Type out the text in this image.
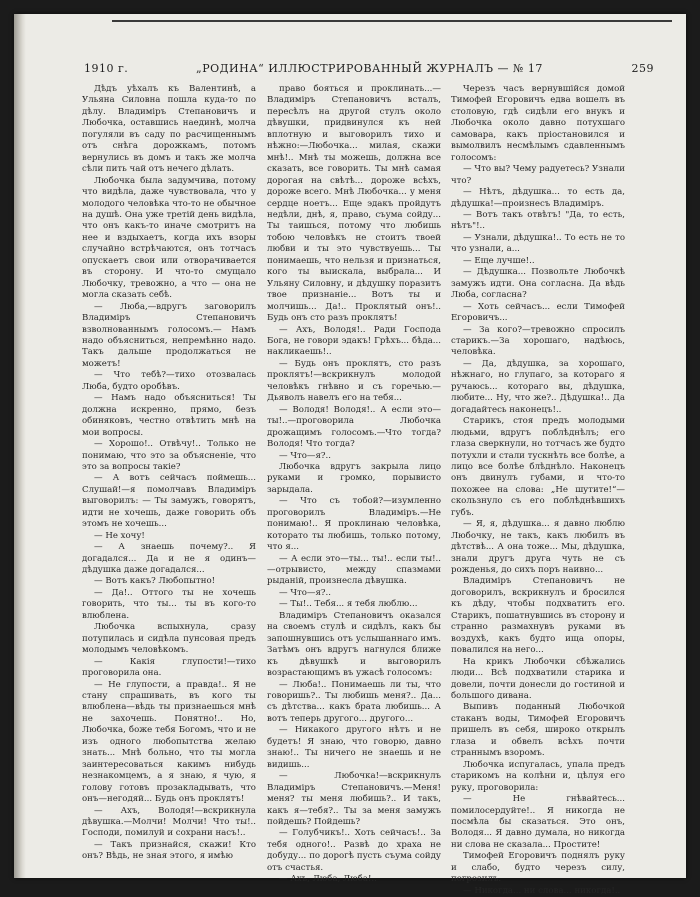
1910 г.	„РОДИНА“ ИЛЛЮСТРИРОВАННЫЙ ЖУРНАЛЪ — № 17	259

Дѣдъ уѣхалъ къ Валентинѣ, а Ульяна Силовна пошла куда-то по дѣлу. Владиміръ Степановичъ и Любочка, оставшись наединѣ, молча погуляли въ саду по расчищеннымъ отъ снѣга дорожкамъ, потомъ вернулись въ домъ и такъ же молча сѣли пить чай отъ нечего дѣлать.

Любочка была задумчива, потому что видѣла, даже чувствовала, что у молодого человѣка что-то не обычное на душѣ. Она уже третій день видѣла, что онъ какъ-то иначе смотритъ на нее и вздыхаетъ, когда ихъ взоры случайно встрѣчаются, онъ тотчасъ опускаетъ свои или отворачивается въ сторону. И что-то смущало Любочку, тревожно, а что — она не могла сказать себѣ.

— Люба,—вдругъ заговорилъ Владиміръ Степановичъ взволнованнымъ голосомъ.— Намъ надо объясниться, непремѣнно надо. Такъ дальше продолжаться не можетъ!

— Что тебѣ?—тихо отозвалась Люба, будто оробѣвъ.

— Намъ надо объясниться! Ты должна искренно, прямо, безъ обиняковъ, честно отвѣтить мнѣ на мои вопросы.

— Хорошо!.. Отвѣчу!.. Только не понимаю, что это за объясненіе, что это за вопросы такіе?

— А вотъ сейчасъ поймешь... Слушай!—я помолчавъ Владиміръ выговорилъ: — Ты замужъ, говорятъ, идти не хочешь, даже говорить объ этомъ не хочешь...

— Не хочу!

— А знаешь почему?.. Я догадался... Да и не я одинъ—дѣдушка даже догадался...

— Вотъ какъ? Любопытно!

— Да!.. Оттого ты не хочешь говорить, что ты... ты въ кого-то влюблена.

Любочка вспыхнула, сразу потупилась и сидѣла пунсовая предъ молодымъ человѣкомъ.

— Какія глупости!—тихо проговорила она.

— Не глупости, а правда!.. Я не стану спрашивать, въ кого ты влюблена—вѣдь ты признаешься мнѣ не захочешь. Понятно!.. Но, Любочка, боже тебя Богомъ, что и не изъ одного любопытства желаю знать... Мнѣ больно, что ты могла заинтересоваться какимъ нибудь незнакомцемъ, а я знаю, я чую, я голову готовъ прозакладывать, что онъ—негодяй... Будь онъ проклятъ!

— Ахъ, Володя!—вскрикнула дѣвушка.—Молчи! Молчи! Что ты!.. Господи, помилуй и сохрани насъ!..

— Такъ признайся, скажи! Кто онъ? Вѣдь, не зная этого, я имѣю

право бояться и проклинать...—Владиміръ Степановичъ всталъ, пересѣлъ на другой стулъ около дѣвушки, придвинулся къ ней вплотную и выговорилъ тихо и нѣжно:—Любочка... милая, скажи мнѣ!.. Мнѣ ты можешь, должна все сказать, все говорить. Ты мнѣ самая дорогая на свѣтѣ... дороже всѣхъ, дороже всего. Мнѣ Любочка... у меня сердце ноетъ... Еще эдакъ пройдутъ недѣли, днѣ, я, право, съума сойду... Ты таишься, потому что любишь тобою человѣкъ не стоитъ твоей любви и ты это чувствуешь... Ты понимаешь, что нельзя и признаться, кого ты выискала, выбрала... И Ульяну Силовну, и дѣдушку поразитъ твое признаніе... Вотъ ты и молчишь... Да!.. Проклятый онъ!.. Будь онъ сто разъ проклятъ!

— Ахъ, Володя!.. Ради Господа Бога, не говори эдакъ! Грѣхъ... бѣда... накликаешь!..

— Будь онъ проклятъ, сто разъ проклятъ!—вскрикнулъ молодой человѣкъ гнѣвно и съ горечью.—Дьяволъ навелъ его на тебя...

— Володя! Володя!.. А если это—ты!..—проговорила Любочка дрожащимъ голосомъ.—Что тогда? Володя! Что тогда?

— Что—я?..

Любочка вдругъ закрыла лицо руками и громко, порывисто зарыдала.

— Что съ тобой?—изумленно проговорилъ Владиміръ.—Не понимаю!.. Я проклинаю человѣка, которато ты любишь, только потому, что я...

— А если это—ты... ты!.. если ты!..—отрывисто, между спазмами рыданій, произнесла дѣвушка.

— Что—я?..

— Ты!.. Тебя... я тебя люблю...

Владиміръ Степановичъ оказался на своемъ стулѣ и сидѣлъ, какъ бы запошнувшись отъ услышаннаго имъ. Затѣмъ онъ вдругъ нагнулся ближе къ дѣвушкѣ и выговорилъ возрастающимъ въ ужасѣ голосомъ:

— Люба!.. Понимаешь ли ты, что говоришь?.. Ты любишь меня?.. Да... съ дѣтства... какъ брата любишь... А вотъ теперь другого... другого...

— Никакого другого нѣтъ и не будетъ! Я знаю, что говорю, давно знаю!.. Ты ничего не знаешь и не видишь...

— Любочка!—вскрикнулъ Владиміръ Степановичъ.—Меня! меня? ты меня любишь?.. И такъ, какъ я—тебя?.. Ты за меня замужъ пойдешь? Пойдешь?

— Голубчикъ!.. Хоть сейчасъ!.. За тебя одного!.. Развѣ до храха не добуду... по дорогѣ пусть съума сойду отъ счастья.

— Ахъ, Люба, Люба!..

Черезъ часъ вернувшійся домой Тимофей Егоровичъ едва вошелъ въ столовую, гдѣ сидѣли его внукъ и Любочка около давно потухшаго самовара, какъ пріостановился и вымолвилъ несмѣлымъ сдавленнымъ голосомъ:

— Что вы? Чему радуетесь? Узнали что?

— Нѣтъ, дѣдушка... то есть да, дѣдушка!—произнесъ Владиміръ.

— Вотъ такъ отвѣтъ! "Да, то есть, нѣтъ"!..

— Узнали, дѣдушка!.. То есть не то что узнали, а...

— Еще лучше!..

— Дѣдушка... Позвольте Любочкѣ замужъ идти. Она согласна. Да вѣдь Люба, согласна?

— Хоть сейчасъ... если Тимофей Егоровичъ...

— За кого?—тревожно спросилъ старикъ.—За хорошаго, надѣюсь, человѣка.

— Да, дѣдушка, за хорошаго, нѣжнаго, но глупаго, за котораго я ручаюсь... котораго вы, дѣдушка, любите... Ну, что же?.. Дѣдушка!.. Да догадайтесь наконецъ!..

Старикъ, стоя предъ молодыми людьми, вдругъ поблѣднѣлъ; его глаза сверкнули, но тотчасъ же будто потухли и стали тускнѣть все болѣе, а лицо все болѣе блѣднѣло. Наконецъ онъ двинулъ губами, и что-то похожее на слова: „Не шутите!“—скользнуло съ его поблѣднѣвшихъ губъ.

— Я, я, дѣдушка... я давно люблю Любочку, не такъ, какъ любилъ въ дѣтствѣ... А она тоже... Мы, дѣдушка, знали другъ друга чуть не съ рожденья, до сихъ поръ наивно...

Владиміръ Степановичъ не договорилъ, вскрикнулъ и бросился къ дѣду, чтобы подхватить его. Старикъ, пошатнувшись въ сторону и странно размахнувъ руками въ воздухѣ, какъ будто ища опоры, повалился на него...

На крикъ Любочки сбѣжались люди... Всѣ подхватили старика и довели, почти донесли до гостиной и большого дивана.

Выпивъ поданный Любочкой стаканъ воды, Тимофей Егоровичъ пришелъ въ себя, широко открылъ глаза и обвелъ всѣхъ почти страннымъ взоромъ.

Любочка испугалась, упала предъ старикомъ на колѣни и, цѣлуя его руку, проговорила:

— Не гнѣвайтесь... помилосердуйте!.. Я никогда не посмѣла бы сказаться. Это онъ, Володя... Я давно думала, но никогда ни слова не сказала... Простите!

Тимофей Егоровичъ поднялъ руку и слабо, будто черезъ силу, погрозилъ.

— Никогда... ни слова... никогда!..
